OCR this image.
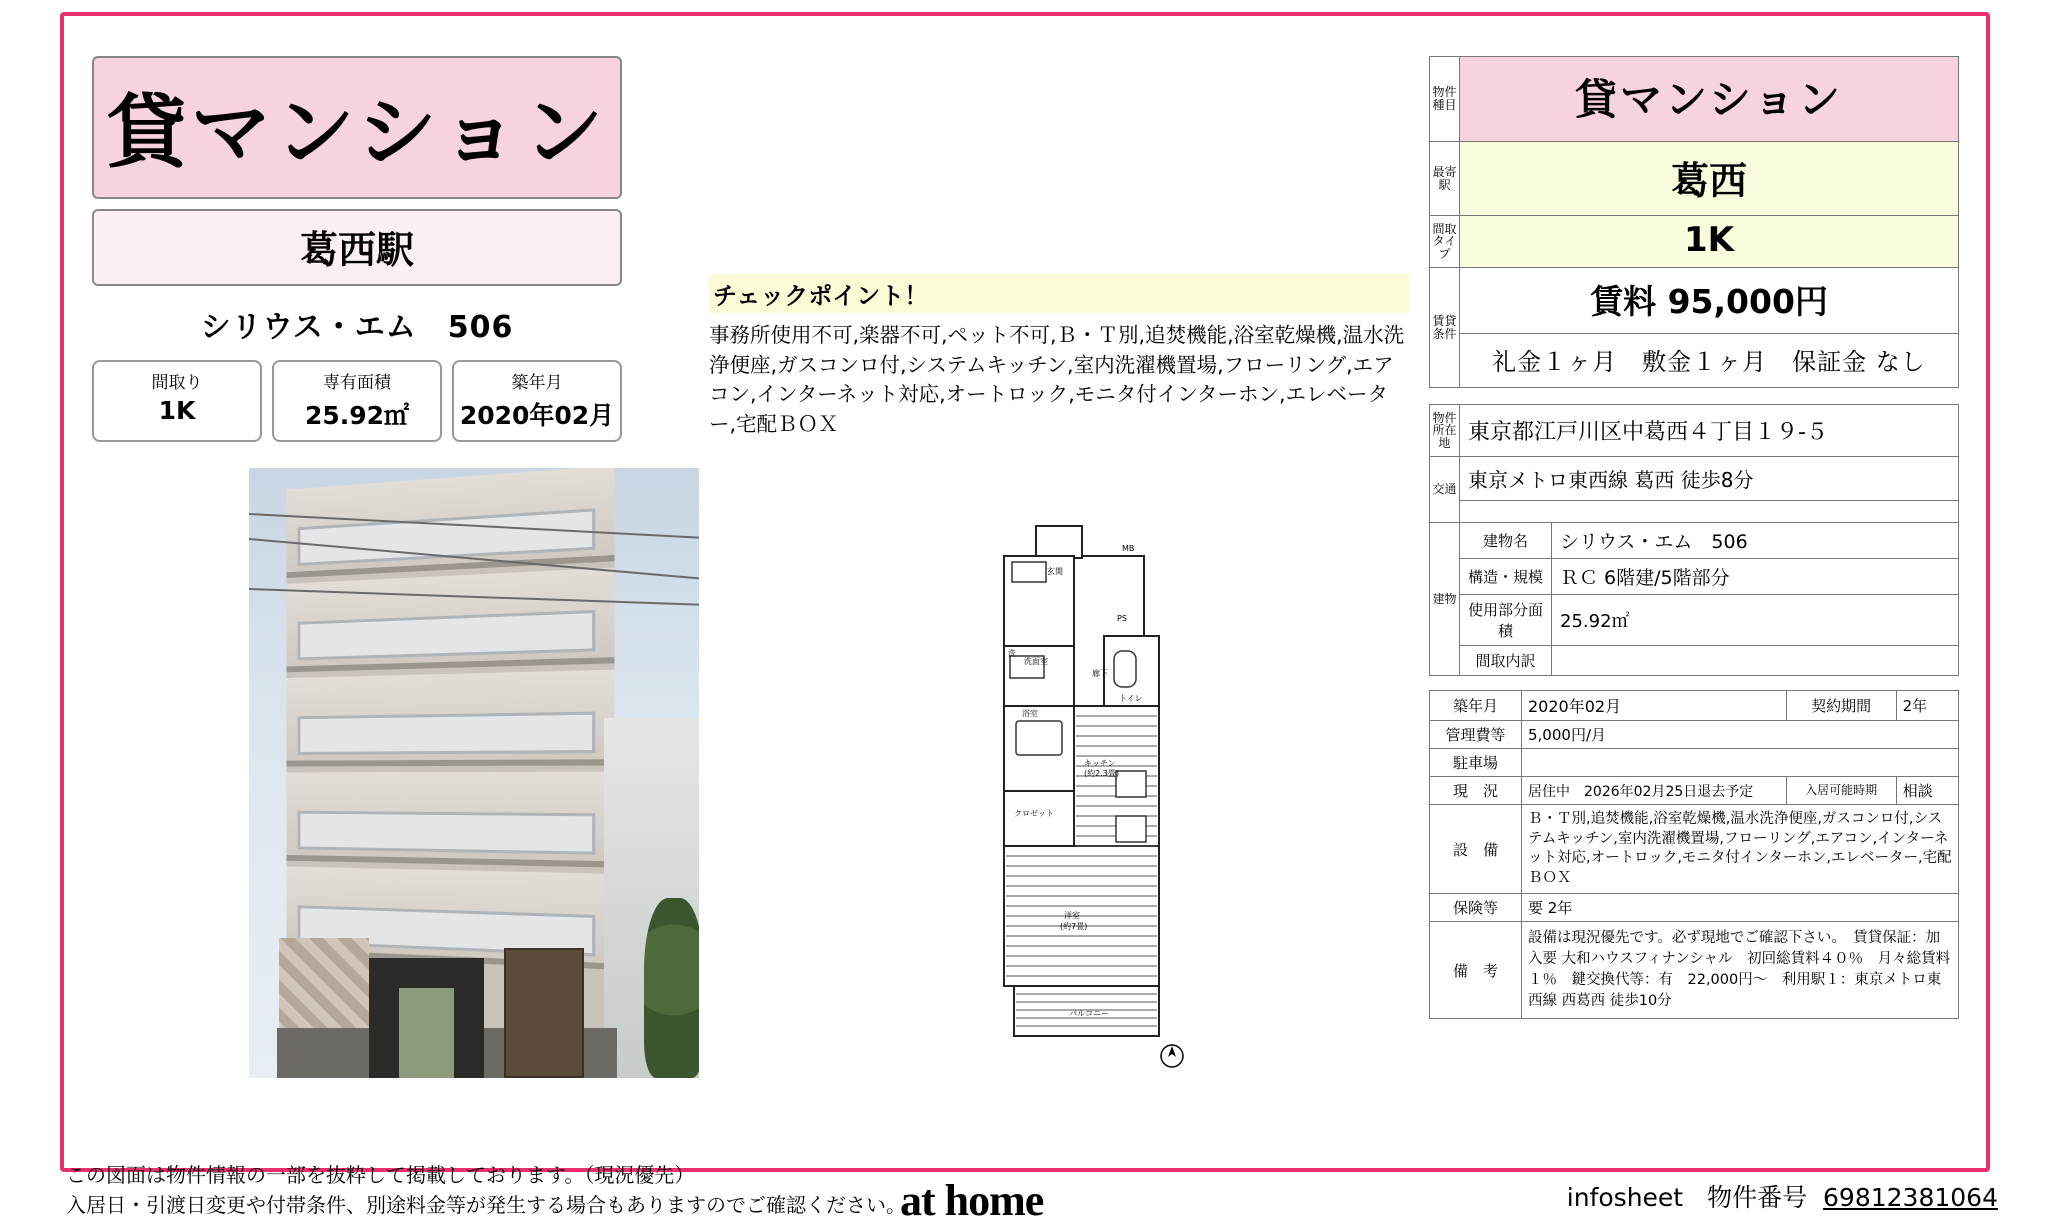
貸マンション
葛西駅
シリウス・エム　506
間取り
1K
専有面積
25.92㎡
築年月
2020年02月
チェックポイント！
事務所使用不可,楽器不可,ペット不可,Ｂ・Ｔ別,追焚機能,浴室乾燥機,温水洗浄便座,ガスコンロ付,システムキッチン,室内洗濯機置場,フローリング,エアコン,インターネット対応,オートロック,モニタ付インターホン,エレベーター,宅配ＢＯＸ
玄関
洗
洗面室
廊下
浴室
トイレ
クロゼット
キッチン
(約2.3畳)
洋室
(約7畳)
バルコニー
MB
PS
物件種目	貸マンション
最寄駅	葛西
間取タイプ	1K
賃貸条件	賃料 95,000円
	礼金１ヶ月　敷金１ヶ月　保証金 なし
物件所在地	東京都江戸川区中葛西４丁目１９‐５	
交通	東京メトロ東西線 葛西 徒歩8分	

建物	建物名	シリウス・エム　506
	構造・規模	ＲＣ 6階建/5階部分
	使用部分面積	25.92㎡
	間取内訳	
築年月	2020年02月	契約期間	2年
管理費等	5,000円/月		
駐車場			
現　況	居住中　2026年02月25日退去予定	入居可能時期	相談
設　備	Ｂ・Ｔ別,追焚機能,浴室乾燥機,温水洗浄便座,ガスコンロ付,システムキッチン,室内洗濯機置場,フローリング,エアコン,インターネット対応,オートロック,モニタ付インターホン,エレベーター,宅配ＢＯＸ		
保険等	要 2年		
備　考	設備は現況優先です。必ず現地でご確認下さい。　賃貸保証：加入要 大和ハウスフィナンシャル　初回総賃料４０％　月々総賃料１％　鍵交換代等：有　22,000円～　利用駅１：東京メトロ東西線 西葛西 徒歩10分		
この図面は物件情報の一部を抜粋して掲載しております。（現況優先）
入居日・引渡日変更や付帯条件、別途料金等が発生する場合もありますのでご確認ください。
at home	infosheet 物件番号 69812381064
